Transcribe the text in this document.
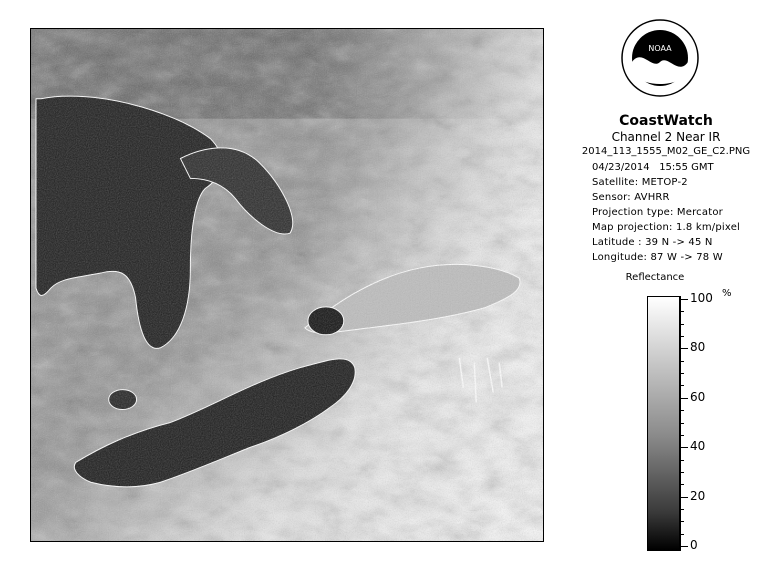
NOAA
CoastWatch
Channel 2 Near IR
2014_113_1555_M02_GE_C2.PNG
04/23/2014 15:55 GMT
Satellite: METOP-2
Sensor: AVHRR
Projection type: Mercator
Map projection: 1.8 km/pixel
Latitude : 39 N -> 45 N
Longitude: 87 W -> 78 W
Reflectance
%
100
80
60
40
20
0
